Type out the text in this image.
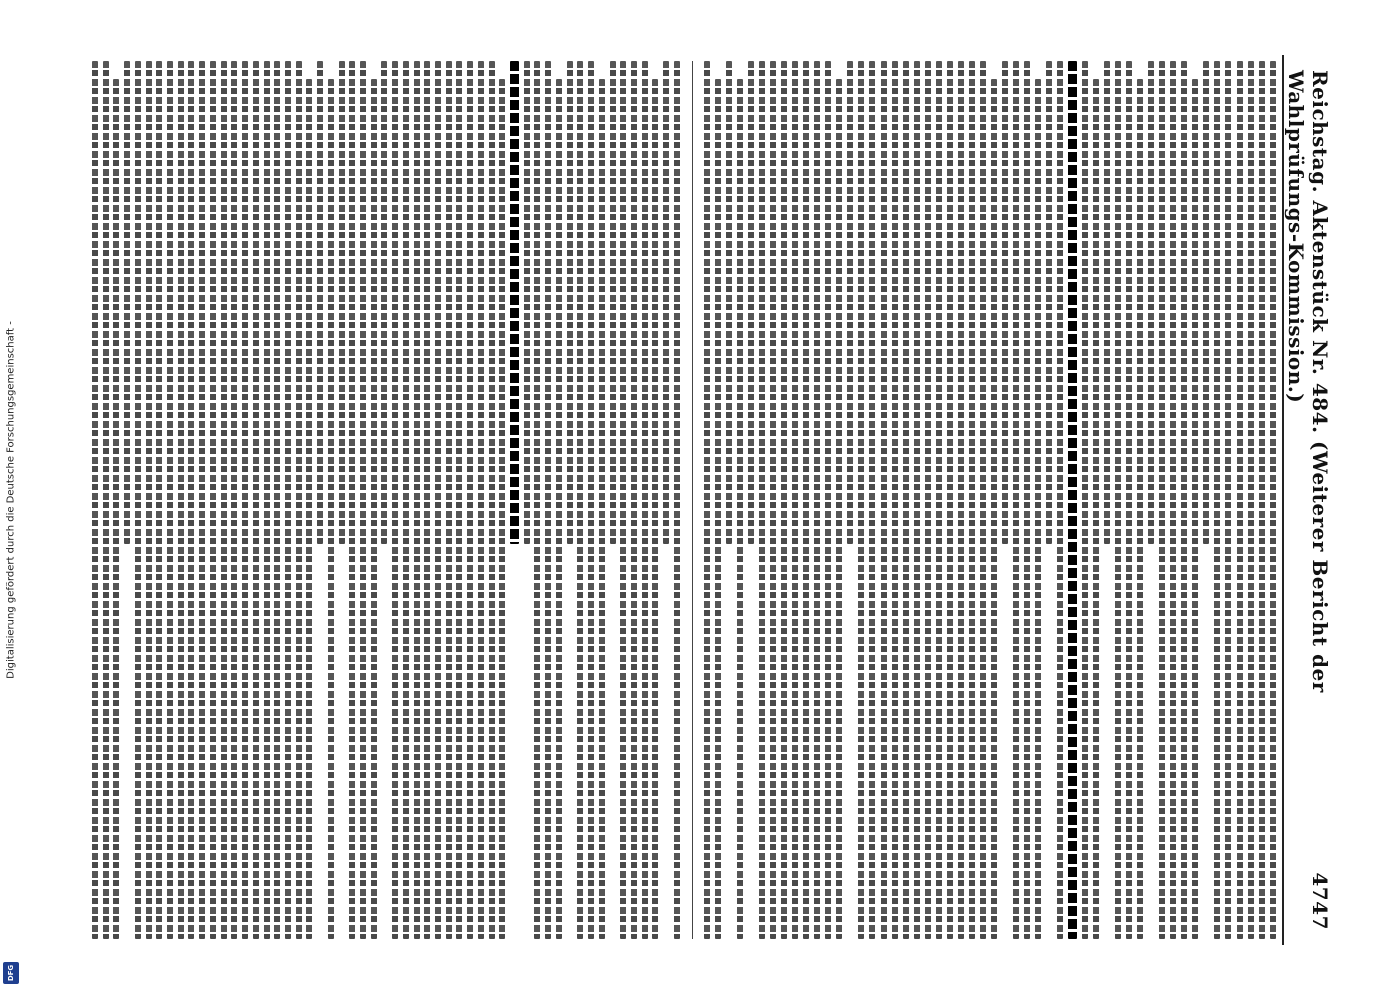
Reichstag. Aktenstück Nr. 484. (Weiterer Bericht der Wahlprüfungs-Kommission.)
4747
Digitalisierung gefördert durch die Deutsche Forschungsgemeinschaft -
DFG
